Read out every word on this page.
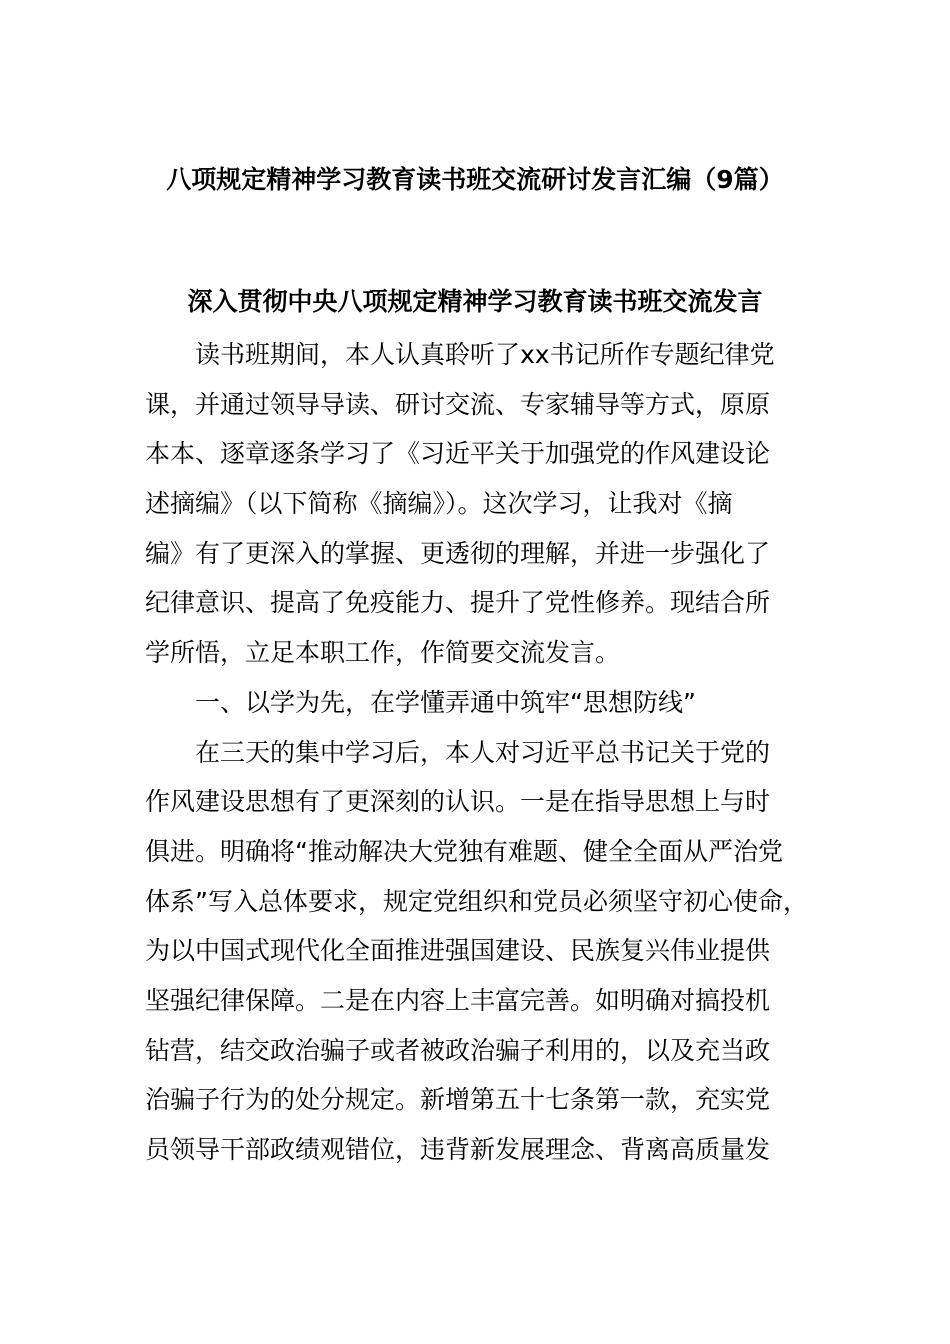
八项规定精神学习教育读书班交流研讨发言汇编（9篇）
深入贯彻中央八项规定精神学习教育读书班交流发言
读书班期间，本人认真聆听了xx书记所作专题纪律党
课，并通过领导导读、研讨交流、专家辅导等方式，原原
本本、逐章逐条学习了《习近平关于加强党的作风建设论
述摘编》（以下简称《摘编》）。这次学习，让我对《摘
编》有了更深入的掌握、更透彻的理解，并进一步强化了
纪律意识、提高了免疫能力、提升了党性修养。现结合所
学所悟，立足本职工作，作简要交流发言。
一、以学为先，在学懂弄通中筑牢“思想防线”
在三天的集中学习后，本人对习近平总书记关于党的
作风建设思想有了更深刻的认识。一是在指导思想上与时
俱进。明确将“推动解决大党独有难题、健全全面从严治党
体系”写入总体要求，规定党组织和党员必须坚守初心使命，
为以中国式现代化全面推进强国建设、民族复兴伟业提供
坚强纪律保障。二是在内容上丰富完善。如明确对搞投机
钻营，结交政治骗子或者被政治骗子利用的，以及充当政
治骗子行为的处分规定。新增第五十七条第一款，充实党
员领导干部政绩观错位，违背新发展理念、背离高质量发
